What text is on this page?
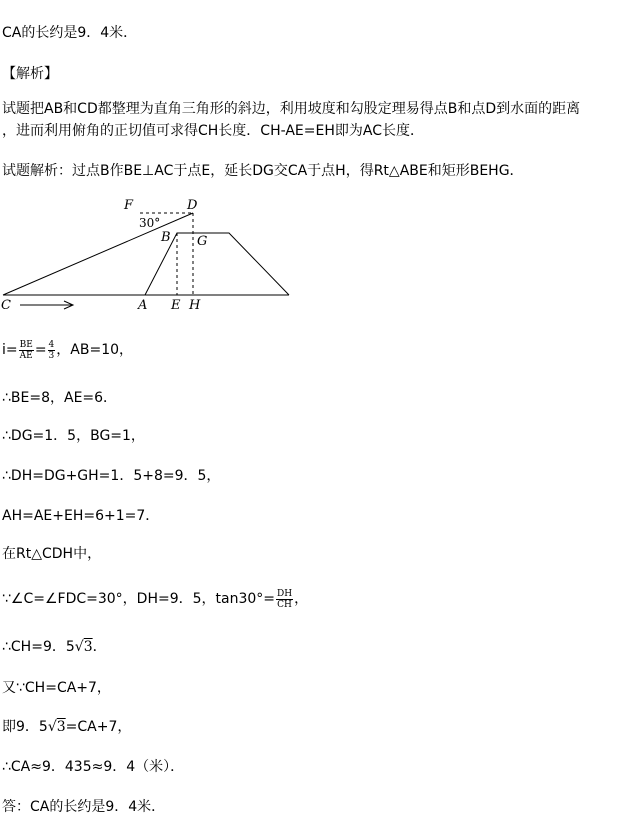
CA的长约是9．4米．
【解析】
试题把AB和CD都整理为直角三角形的斜边，利用坡度和勾股定理易得点B和点D到水面的距离
，进而利用俯角的正切值可求得CH长度．CH-AE=EH即为AC长度．
试题解析：过点B作BE⊥AC于点E，延长DG交CA于点H，得Rt△ABE和矩形BEHG．
F	D
30°
B G
C	A E H
$i= \frac{BE}{AE} = \frac{4}{3}$ ，AB=10，
∴BE=8，AE=6．
∴DG=1．5，BG=1，
∴DH=DG+GH=1．5+8=9．5，
AH=AE+EH=6+1=7．
在Rt△CDH中，
∵∠C=∠FDC=30°，DH=9．5，$\tan 30^\circ= \frac{DH}{CH}$ ，
∴CH=9．5√3．
又∵CH=CA+7，
即9．5√3=CA+7，
∴CA≈9．435≈9．4（米）．
答：CA的长约是9．4米．
